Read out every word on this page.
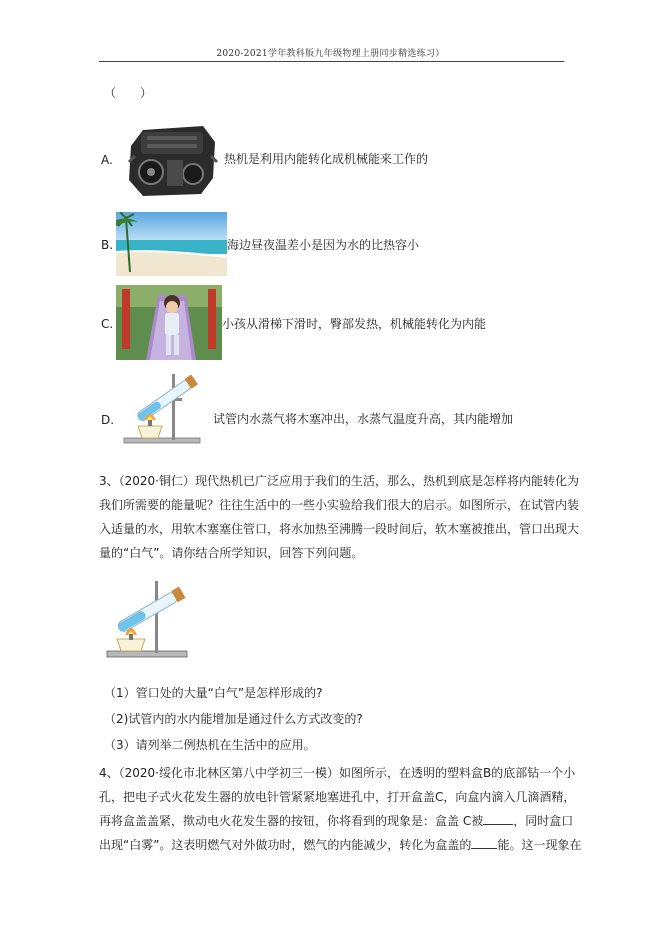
2020-2021学年教科版九年级物理上册同步精选练习）
（　　）
A.	热机是利用内能转化成机械能来工作的
B.	海边昼夜温差小是因为水的比热容小
C.	小孩从滑梯下滑时，臀部发热，机械能转化为内能
D.	试管内水蒸气将木塞冲出，水蒸气温度升高，其内能增加
3、（2020·铜仁）现代热机已广泛应用于我们的生活，那么，热机到底是怎样将内能转化为
我们所需要的能量呢？往往生活中的一些小实验给我们很大的启示。如图所示，在试管内装
入适量的水，用软木塞塞住管口，将水加热至沸腾一段时间后，软木塞被推出，管口出现大
量的“白气”。请你结合所学知识，回答下列问题。
（1）管口处的大量“白气”是怎样形成的?
（2)试管内的水内能增加是通过什么方式改变的?
（3）请列举二例热机在生活中的应用。
4、（2020·绥化市北林区第八中学初三一模）如图所示，在透明的塑料盒B的底部钻一个小
孔，把电子式火花发生器的放电针管紧紧地塞进孔中，打开盒盖C，向盒内滴入几滴酒精，
再将盒盖盖紧，揿动电火花发生器的按钮，你将看到的现象是：盒盖 C被	，同时盒口
出现“白雾”。这表明燃气对外做功时，燃气的内能减少，转化为盒盖的 能。这一现象在
